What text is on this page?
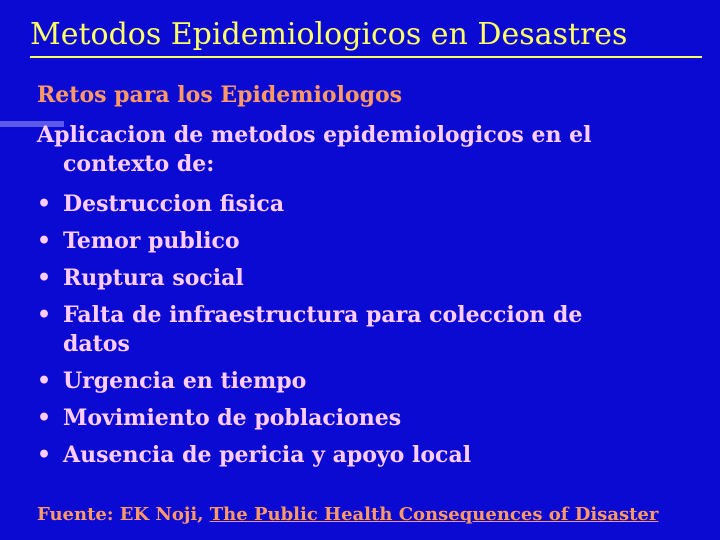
Metodos Epidemiologicos en Desastres
Retos para los Epidemiologos
Aplicacion de metodos epidemiologicos en el
contexto de:
• Destruccion fisica
• Temor publico
• Ruptura social
• Falta de infraestructura para coleccion de
datos
• Urgencia en tiempo
• Movimiento de poblaciones
• Ausencia de pericia y apoyo local

Fuente: EK Noji, The Public Health Consequences of Disaster
